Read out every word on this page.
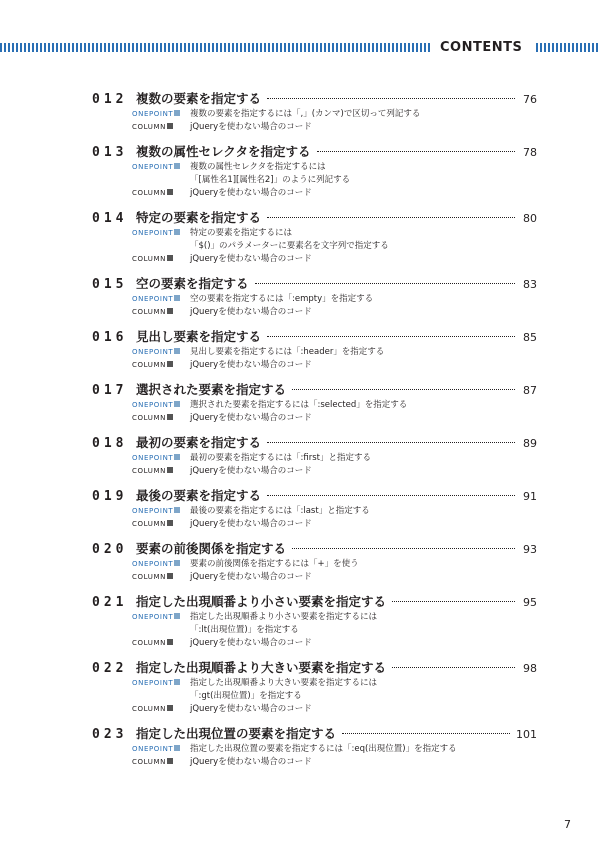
CONTENTS
012 複数の要素を指定する	76
ONEPOINT	複数の要素を指定するには「,」(カンマ)で区切って列記する
COLUMN	jQueryを使わない場合のコード
013 複数の属性セレクタを指定する	78
ONEPOINT	複数の属性セレクタを指定するには
「[属性名1][属性名2]」のように列記する
COLUMN	jQueryを使わない場合のコード
014 特定の要素を指定する	80
ONEPOINT	特定の要素を指定するには
「$()」のパラメーターに要素名を文字列で指定する
COLUMN	jQueryを使わない場合のコード
015 空の要素を指定する	83
ONEPOINT	空の要素を指定するには「:empty」を指定する
COLUMN	jQueryを使わない場合のコード
016 見出し要素を指定する	85
ONEPOINT	見出し要素を指定するには「:header」を指定する
COLUMN	jQueryを使わない場合のコード
017 選択された要素を指定する	87
ONEPOINT	選択された要素を指定するには「:selected」を指定する
COLUMN	jQueryを使わない場合のコード
018 最初の要素を指定する	89
ONEPOINT	最初の要素を指定するには「:first」と指定する
COLUMN	jQueryを使わない場合のコード
019 最後の要素を指定する	91
ONEPOINT	最後の要素を指定するには「:last」と指定する
COLUMN	jQueryを使わない場合のコード
020 要素の前後関係を指定する	93
ONEPOINT	要素の前後関係を指定するには「+」を使う
COLUMN	jQueryを使わない場合のコード
021 指定した出現順番より小さい要素を指定する	95
ONEPOINT	指定した出現順番より小さい要素を指定するには
「:lt(出現位置)」を指定する
COLUMN	jQueryを使わない場合のコード
022 指定した出現順番より大きい要素を指定する	98
ONEPOINT	指定した出現順番より大きい要素を指定するには
「:gt(出現位置)」を指定する
COLUMN	jQueryを使わない場合のコード
023 指定した出現位置の要素を指定する	101
ONEPOINT	指定した出現位置の要素を指定するには「:eq(出現位置)」を指定する
COLUMN	jQueryを使わない場合のコード
7
